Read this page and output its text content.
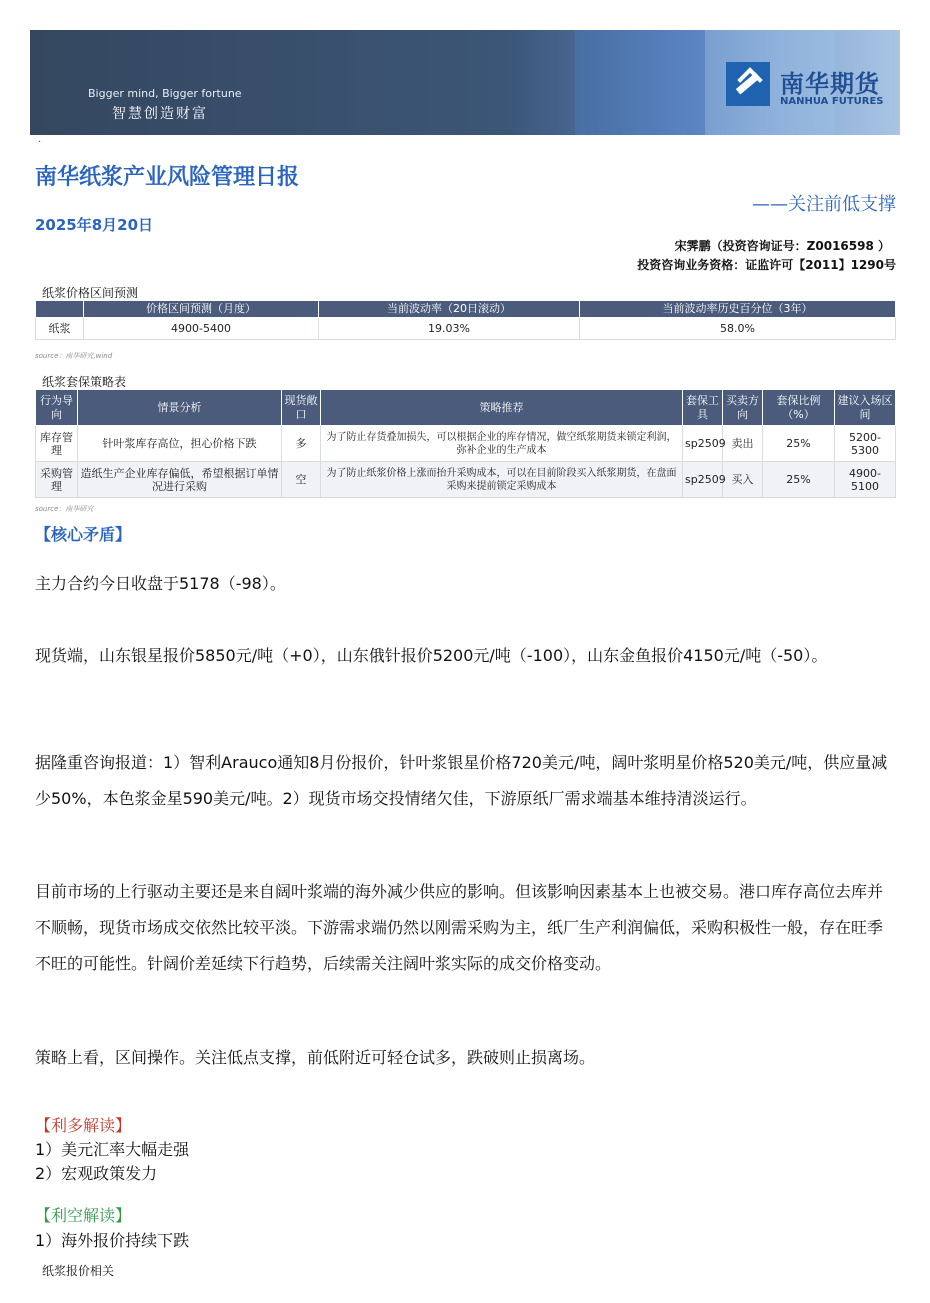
Bigger mind, Bigger fortune
智慧创造财富
南华期货
NANHUA FUTURES
·
南华纸浆产业风险管理日报
——关注前低支撑
2025年8月20日
宋霁鹏（投资咨询证号：Z0016598 ）
投资咨询业务资格：证监许可【2011】1290号
纸浆价格区间预测
	价格区间预测（月度）	当前波动率（20日滚动）	当前波动率历史百分位（3年）
纸浆	4900-5400	19.03%	58.0%
source：南华研究,wind
纸浆套保策略表
行为导向	情景分析	现货敞口	策略推荐	套保工具	买卖方向	套保比例（%）	建议入场区间
库存管理	针叶浆库存高位，担心价格下跌	多	为了防止存货叠加损失，可以根据企业的库存情况，做空纸浆期货来锁定利润，弥补企业的生产成本	sp2509	卖出	25%	5200-5300
采购管理	造纸生产企业库存偏低，希望根据订单情况进行采购	空	为了防止纸浆价格上涨而抬升采购成本，可以在目前阶段买入纸浆期货，在盘面采购来提前锁定采购成本	sp2509	买入	25%	4900-5100
source：南华研究
【核心矛盾】
主力合约今日收盘于5178（-98）。
现货端，山东银星报价5850元/吨（+0），山东俄针报价5200元/吨（-100），山东金鱼报价4150元/吨（-50）。
据隆重咨询报道：1）智利Arauco通知8月份报价，针叶浆银星价格720美元/吨，阔叶浆明星价格520美元/吨，供应量减少50%，本色浆金星590美元/吨。2）现货市场交投情绪欠佳，下游原纸厂需求端基本维持清淡运行。
目前市场的上行驱动主要还是来自阔叶浆端的海外减少供应的影响。但该影响因素基本上也被交易。港口库存高位去库并不顺畅，现货市场成交依然比较平淡。下游需求端仍然以刚需采购为主，纸厂生产利润偏低，采购积极性一般，存在旺季不旺的可能性。针阔价差延续下行趋势，后续需关注阔叶浆实际的成交价格变动。
策略上看，区间操作。关注低点支撑，前低附近可轻仓试多，跌破则止损离场。
【利多解读】
1）美元汇率大幅走强
2）宏观政策发力
【利空解读】
1）海外报价持续下跌
纸浆报价相关
